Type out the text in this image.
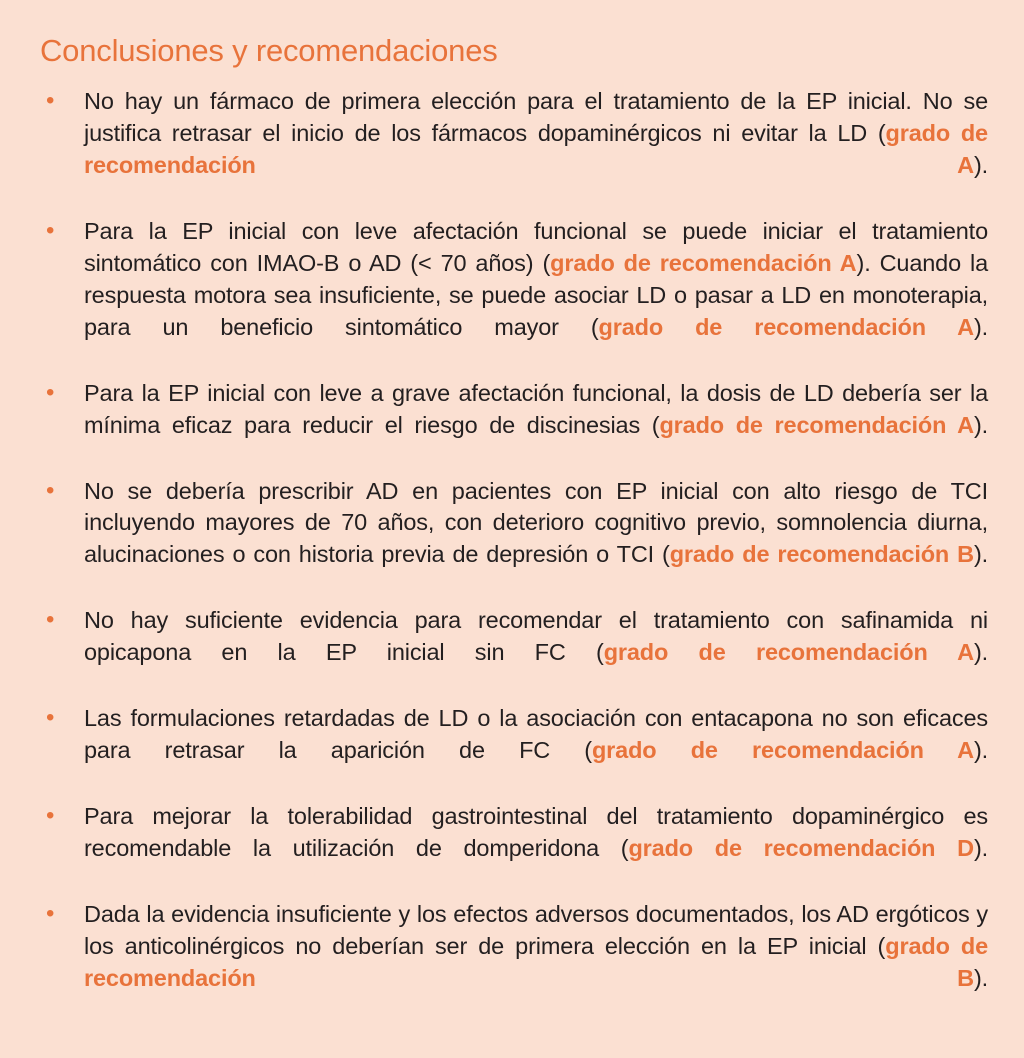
Conclusiones y recomendaciones
• No hay un fármaco de primera elección para el tratamiento de la EP inicial. No se justifica retrasar el inicio de los fármacos dopaminérgicos ni evitar la LD (grado de recomendación A).
• Para la EP inicial con leve afectación funcional se puede iniciar el tratamiento sintomático con IMAO-B o AD (< 70 años) (grado de recomendación A). Cuando la respuesta motora sea insuficiente, se puede asociar LD o pasar a LD en monoterapia, para un beneficio sintomático mayor (grado de recomendación A).
• Para la EP inicial con leve a grave afectación funcional, la dosis de LD debería ser la mínima eficaz para reducir el riesgo de discinesias (grado de recomendación A).
• No se debería prescribir AD en pacientes con EP inicial con alto riesgo de TCI incluyendo mayores de 70 años, con deterioro cognitivo previo, somnolencia diurna, alucinaciones o con historia previa de depresión o TCI (grado de recomendación B).
• No hay suficiente evidencia para recomendar el tratamiento con safinamida ni opicapona en la EP inicial sin FC (grado de recomendación A).
• Las formulaciones retardadas de LD o la asociación con entacapona no son eficaces para retrasar la aparición de FC (grado de recomendación A).
• Para mejorar la tolerabilidad gastrointestinal del tratamiento dopaminérgico es recomendable la utilización de domperidona (grado de recomendación D).
• Dada la evidencia insuficiente y los efectos adversos documentados, los AD ergóticos y los anticolinérgicos no deberían ser de primera elección en la EP inicial (grado de recomendación B).
